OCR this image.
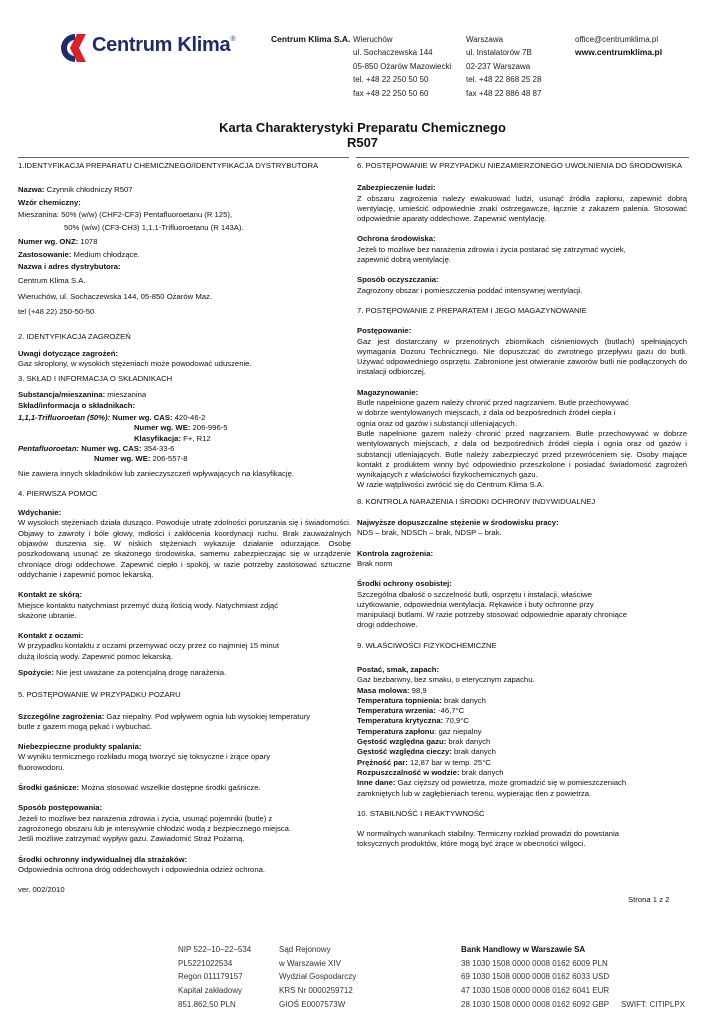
Centrum Klima®	Centrum Klima S.A. Wieruchów
ul. Sochaczewska 144
05-850 Ożarów Mazowiecki
tel. +48 22 250 50 50
fax +48 22 250 50 60
Warszawa
ul. Instalatorów 7B
02-237 Warszawa
tel. +48 22 868 25 28
fax +48 22 886 48 87
office@centrumklima.pl
www.centrumklima.pl
Karta Charakterystyki Preparatu Chemicznego
R507

1.IDENTYFIKACJA PREPARATU CHEMICZNEGO/IDENTYFIKACJA DYSTRYBUTORA

Nazwa: Czynnik chłodniczy R507

Wzór chemiczny:

Mieszanina: 50% (w/w) (CHF2-CF3) Pentafluoroetanu (R 125),

50% (w/w) (CF3-CH3) 1,1,1-Trifluoroetanu (R 143A).

Numer wg. ONZ: 1078

Zastosowanie: Medium chłodzące.

Nazwa i adres dystrybutora:

Centrum Klima S.A.

Wieruchów, ul. Sochaczewska 144, 05-850 Ożarów Maz.

tel (+48 22) 250-50-50

2. IDENTYFIKACJA ZAGROŻEŃ

Uwagi dotyczące zagrożeń:

Gaz skroplony, w wysokich stężeniach może powodować uduszenie.

3. SKŁAD I INFORMACJA O SKŁADNIKACH

Substancja/mieszanina: mieszanina

Skład/informacja o składnikach:

1,1,1-Trifluoroetan (50%): Numer wg. CAS: 420-46-2

Numer wg. WE: 206-996-5

Klasyfikacja: F+, R12

Pentafluoroetan: Numer wg. CAS: 354-33-6

Numer wg. WE: 206-557-8

Nie zawiera innych składników lub zanieczyszczeń wpływających na klasyfikację.

4. PIERWSZA POMOC

Wdychanie:

W wysokich stężeniach działa dusząco. Powoduje utratę zdolności poruszania się i świadomości. Objawy to zawroty i bóle głowy, mdłości i zakłócenia koordynacji ruchu. Brak zauważalnych objawów duszenia się. W niskich stężeniach wykazuje działanie odurzające. Osobę poszkodowaną usunąć ze skażonego środowiska, samemu zabezpieczając się w urządzenie chroniące drogi oddechowe. Zapewnić ciepło i spokój, w razie potrzeby zastosować sztuczne oddychanie i zapewnić pomoc lekarską.

Kontakt ze skórą:

Miejsce kontaktu natychmiast przemyć dużą ilością wody. Natychmiast zdjąć

skażone ubranie.

Kontakt z oczami:

W przypadku kontaktu z oczami przemywać oczy przez co najmniej 15 minut

dużą ilością wody. Zapewnić pomoc lekarską.

Spożycie: Nie jest uważane za potencjalną drogę narażenia.

5. POSTĘPOWANIE W PRZYPADKU POŻARU

Szczególne zagrożenia: Gaz niepalny. Pod wpływem ognia lub wysokiej temperatury

butle z gazem mogą pękać i wybuchać.

Niebezpieczne produkty spalania:

W wyniku termicznego rozkładu mogą tworzyć się toksyczne i żrące opary

fluorowodoru.

Środki gaśnicze: Można stosować wszelkie dostępne środki gaśnicze.

Sposób postępowania:

Jeżeli to możliwe bez narażenia zdrowia i życia, usunąć pojemniki (butle) z

zagrożonego obszaru lub je intensywnie chłodzić wodą z bezpiecznego miejsca.

Jeśli możliwe zatrzymać wypływ gazu. Zawiadomić Straż Pożarną.

Środki ochronny indywidualnej dla strażaków:

Odpowiednia ochrona dróg oddechowych i odpowiednia odzież ochrona.

ver. 002/2010

6. POSTĘPOWANIE W PRZYPADKU NIEZAMIERZONEGO UWOLNIENIA DO ŚRODOWISKA

Zabezpieczenie ludzi:

Z obszaru zagrożenia należy ewakuować ludzi, usunąć źródła zapłonu, zapewnić dobrą wentylację, umieścić odpowiednie znaki ostrzegawcze, łącznie z zakazem palenia. Stosować odpowiednie aparaty oddechowe. Zapewnić wentylację.

Ochrona środowiska:

Jeżeli to możliwe bez narażenia zdrowia i życia postarać się zatrzymać wyciek,

zapewnić dobrą wentylację.

Sposób oczyszczania:

Zagrożony obszar i pomieszczenia poddać intensywnej wentylacji.

7. POSTĘPOWANIE Z PREPARATEM I JEGO MAGAZYNOWANIE

Postępowanie:

Gaz jest dostarczany w przenośnych zbiornikach ciśnieniowych (butlach) spełniających wymagania Dozoru Technicznego. Nie dopuszczać do zwrotnego przepływu gazu do butli. Używać odpowiedniego osprzętu. Zabronione jest otwieranie zaworów butli nie podłączonych do instalacji odbiorczej.

Magazynowanie:

Butle napełnione gazem należy chronić przed nagrzaniem. Butle przechowywać

w dobrze wentylowanych miejscach, z dala od bezpośrednich źródeł ciepła i

ognia oraz od gazów i substancji utleniających.

Butle napełnione gazem należy chronić przed nagrzaniem. Butle przechowywać w dobrze wentylowanych miejscach, z dala od bezpośrednich źródeł ciepła i ognia oraz od gazów i substancji utleniających. Butle należy zabezpieczyć przed przewróceniem się. Osoby mające kontakt z produktem winny być odpowiednio przeszkolone i posiadać świadomość zagrożeń wynikających z właściwości fizykochemicznych gazu.

W razie wątpliwości zwrócić się do Centrum Klima S.A.

8. KONTROLA NARAŻENIA I ŚRODKI OCHRONY INDYWIDUALNEJ

Najwyższe dopuszczalne stężenie w środowisku pracy:

NDS – brak, NDSCh – brak, NDSP – brak.

Kontrola zagrożenia:

Brak norm

Środki ochrony osobistej:

Szczególna dbałość o szczelność butli, osprzętu i instalacji, właściwe

użytkowanie, odpowiednia wentylacja. Rękawice i buty ochronne przy

manipulacji butlami. W razie potrzeby stosować odpowiednie aparaty chroniące

drogi oddechowe.

9. WŁAŚCIWOŚCI FIZYKOCHEMICZNE

Postać, smak, zapach:

Gaz bezbarwny, bez smaku, o eterycznym zapachu.

Masa molowa: 98,9

Temperatura topnienia: brak danych

Temperatura wrzenia: -46,7°C

Temperatura krytyczna: 70,9°C

Temperatura zapłonu: gaz niepalny

Gęstość względna gazu: brak danych

Gęstość względna cieczy: brak danych

Prężność par: 12,87 bar w temp. 25°C

Rozpuszczalność w wodzie: brak danych

Inne dane: Gaz cięższy od powietrza, może gromadzić się w pomieszczeniach

zamkniętych lub w zagłębieniach terenu, wypierając tlen z powietrza.

10. STABILNOŚĆ I REAKTYWNOŚĆ

W normalnych warunkach stabilny. Termiczny rozkład prowadzi do powstania

toksycznych produktów, które mogą być żrące w obecności wilgoci.

Strona 1 z 2
NIP 522–10–22–534
PL5221022534
Regon 011179157
Kapitał zakładowy
851.862,50 PLN
Sąd Rejonowy
w Warszawie XIV
Wydział Gospodarczy
KRS Nr 0000259712
GIOŚ E0007573W
Bank Handlowy w Warszawie SA
38 1030 1508 0000 0008 0162 6009 PLN
69 1030 1508 0000 0008 0162 6033 USD
47 1030 1508 0000 0008 0162 6041 EUR
28 1030 1508 0000 0008 0162 6092 GBP SWIFT: CITIPLPX
